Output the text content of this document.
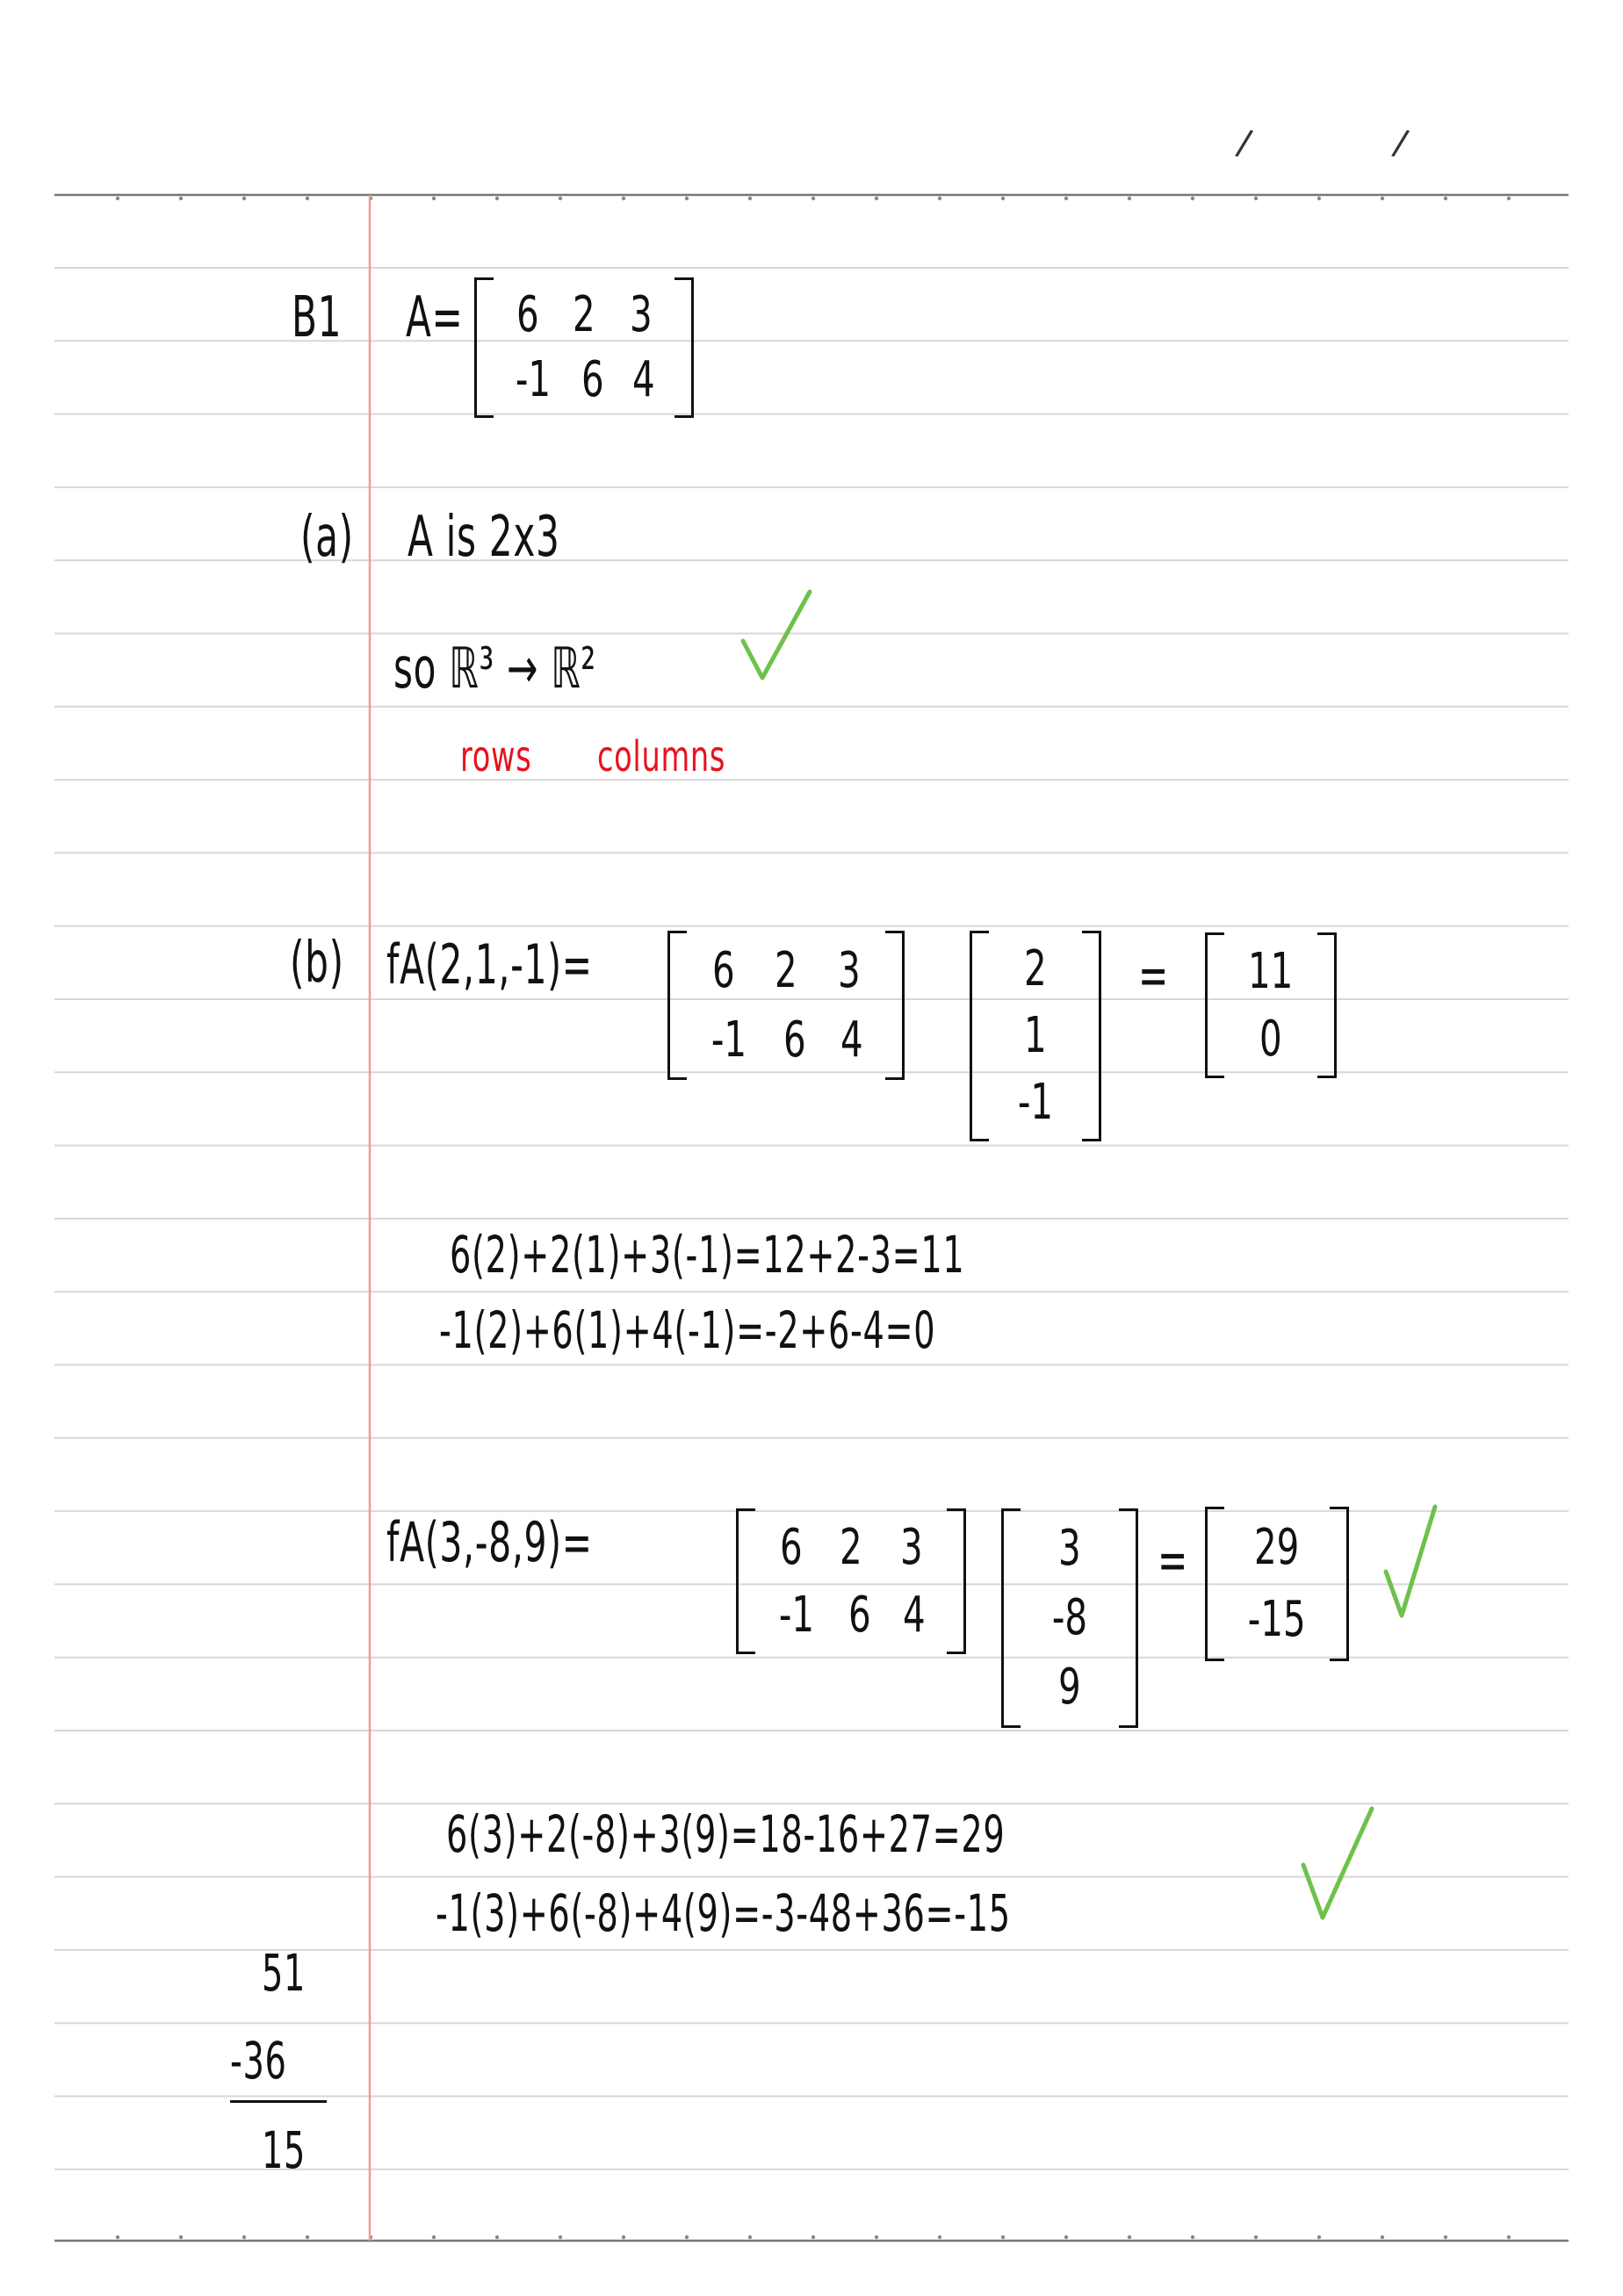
/	/
B1 A= 6 2 3
-1 6 4
(a) A is 2x3
so ℝ³ → ℝ²
rows columns
(b) fA(2,1,-1)= 6 2 3
-1 6 4
2
1
-1
= 11
0
6(2)+2(1)+3(-1)=12+2-3=11
-1(2)+6(1)+4(-1)=-2+6-4=0
fA(3,-8,9)=	6 2 3
-1 6 4
3
-8
9
= 29
-15
6(3)+2(-8)+3(9)=18-16+27=29
-1(3)+6(-8)+4(9)=-3-48+36=-15
51
-36
15
